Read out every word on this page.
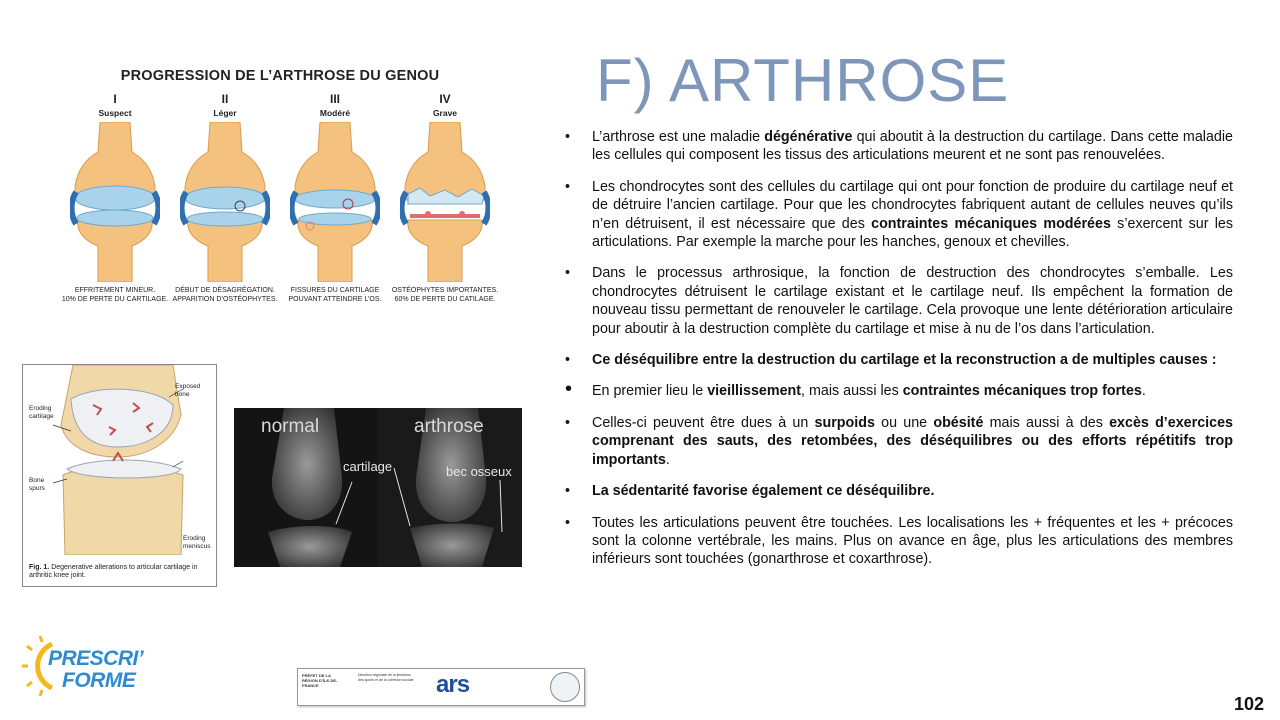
PROGRESSION DE L’ARTHROSE DU GENOU
I
Suspect
EFFRITEMENT MINEUR.
10% DE PERTE DU CARTILAGE.
II
Léger
DÉBUT DE DÉSAGRÉGATION.
APPARITION D’OSTÉOPHYTES.
III
Modéré
FISSURES DU CARTILAGE
POUVANT ATTEINDRE L’OS.
IV
Grave
OSTÉOPHYTES IMPORTANTES.
60% DE PERTE DU CATILAGE.
Exposed bone
Eroding cartilage
Bone spurs
Eroding meniscus
Fig. 1. Degenerative alterations to articular cartilage in arthritic knee joint.
normal	arthrose
cartilage	bec osseux
F) ARTHROSE
• L’arthrose est une maladie dégénérative qui aboutit à la destruction du cartilage. Dans cette maladie les cellules qui composent les tissus des articulations meurent et ne sont pas renouvelées.
• Les chondrocytes sont des cellules du cartilage qui ont pour fonction de produire du cartilage neuf et de détruire l’ancien cartilage. Pour que les chondrocytes fabriquent autant de cellules neuves qu’ils n’en détruisent, il est nécessaire que des contraintes mécaniques modérées s’exercent sur les articulations. Par exemple la marche pour les hanches, genoux et chevilles.
• Dans le processus arthrosique, la fonction de destruction des chondrocytes s’emballe. Les chondrocytes détruisent le cartilage existant et le cartilage neuf. Ils empêchent la formation de nouveau tissu permettant de renouveler le cartilage. Cela provoque une lente détérioration articulaire pour aboutir à la destruction complète du cartilage et mise à nu de l’os dans l’articulation.
• Ce déséquilibre entre la destruction du cartilage et la reconstruction a de multiples causes :
• En premier lieu le vieillissement, mais aussi les contraintes mécaniques trop fortes.
• Celles-ci peuvent être dues à un surpoids ou une obésité mais aussi à des excès d’exercices comprenant des sauts, des retombées, des déséquilibres ou des efforts répétitifs trop importants.
• La sédentarité favorise également ce déséquilibre.
• Toutes les articulations peuvent être touchées. Les localisations les + fréquentes et les + précoces sont la colonne vertébrale, les mains. Plus on avance en âge, plus les articulations des membres inférieurs sont touchées (gonarthrose et coxarthrose).
PRESCRI’
FORME	PRÉFET DE LA RÉGION D’ÎLE-DE-FRANCE
Direction régionale de la jeunesse, des sports et de la cohésion sociale ars
102
